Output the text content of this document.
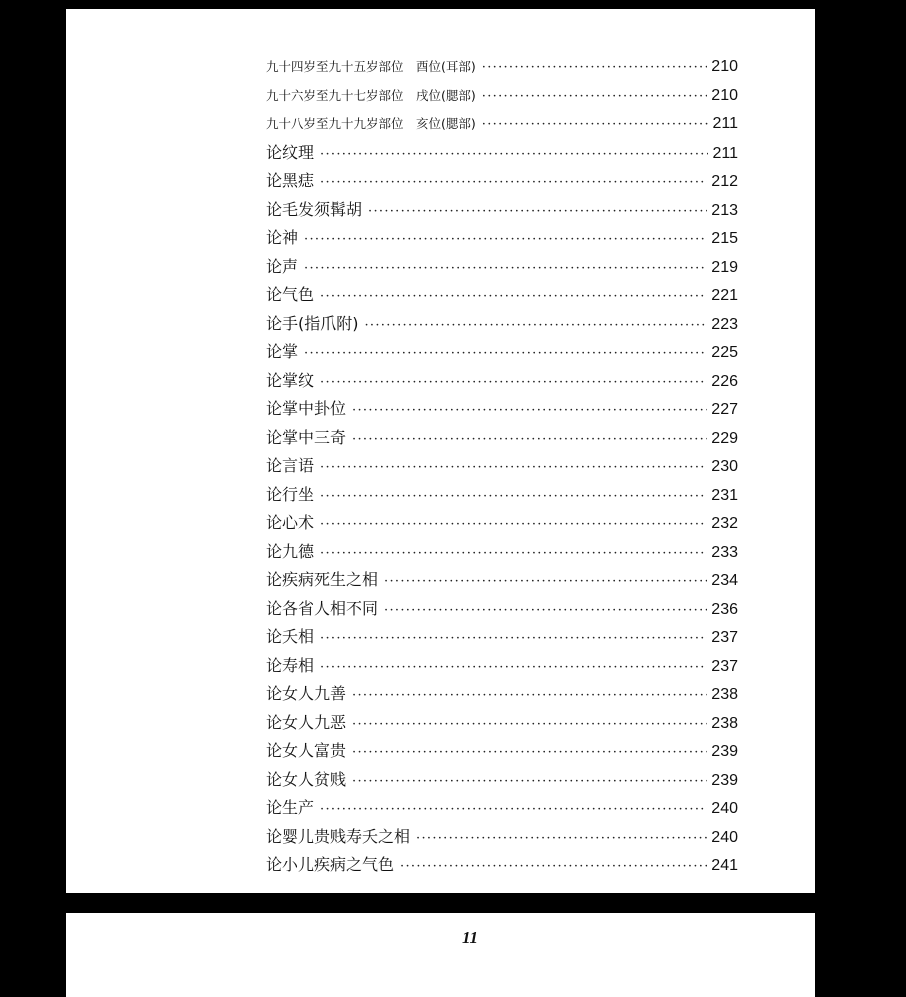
九十四岁至九十五岁部位　酉位(耳部) ·····	210
九十六岁至九十七岁部位　戌位(腮部) ·····	210
九十八岁至九十九岁部位　亥位(腮部) ·····	211
论纹理 ·····	211
论黑痣 ·····	212
论毛发须髯胡 ·····	213
论神 ·····	215
论声 ·····	219
论气色 ·····	221
论手(指爪附) ·····	223
论掌 ·····	225
论掌纹 ·····	226
论掌中卦位 ·····	227
论掌中三奇 ·····	229
论言语 ·····	230
论行坐 ·····	231
论心术 ·····	232
论九德 ·····	233
论疾病死生之相 ·····	234
论各省人相不同 ·····	236
论夭相 ·····	237
论寿相 ·····	237
论女人九善 ·····	238
论女人九恶 ·····	238
论女人富贵 ·····	239
论女人贫贱 ·····	239
论生产 ·····	240
论婴儿贵贱寿夭之相 ·····	240
论小儿疾病之气色 ·····	241
11
